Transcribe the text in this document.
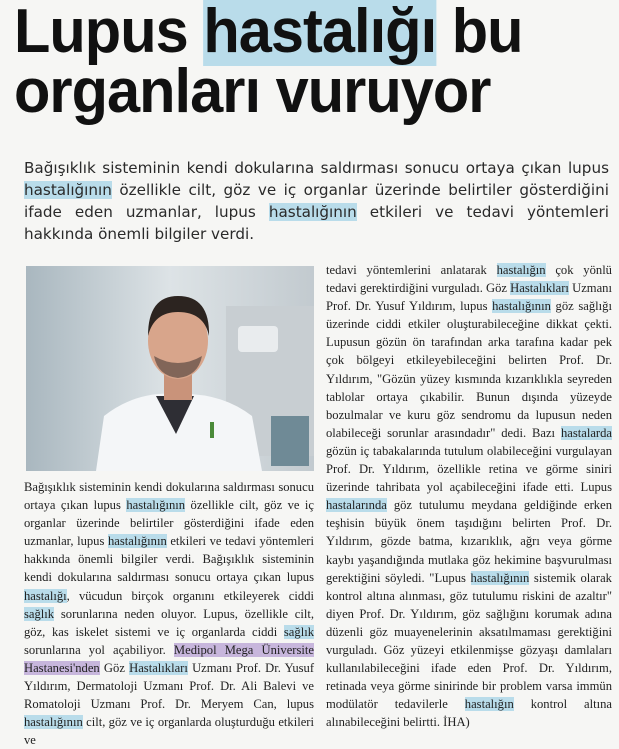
Lupus hastalığı bu organları vuruyor

Bağışıklık sisteminin kendi dokularına saldırması sonucu ortaya çıkan lupus hastalığının özellikle cilt, göz ve iç organlar üzerinde belirtiler gösterdiğini ifade eden uzmanlar, lupus hastalığının etkileri ve tedavi yöntemleri hakkında önemli bilgiler verdi.

Bağışıklık sisteminin kendi dokularına saldırması sonucu ortaya çıkan lupus hastalığının özellikle cilt, göz ve iç organlar üzerinde belirtiler gösterdiğini ifade eden uzmanlar, lupus hastalığının etkileri ve tedavi yöntemleri hakkında önemli bilgiler verdi. Bağışıklık sisteminin kendi dokularına saldırması sonucu ortaya çıkan lupus hastalığı, vücudun birçok organını etkileyerek ciddi sağlık sorunlarına neden oluyor. Lupus, özellikle cilt, göz, kas iskelet sistemi ve iç organlarda ciddi sağlık sorunlarına yol açabiliyor. Medipol Mega Üniversite Hastanesi'nden Göz Hastalıkları Uzmanı Prof. Dr. Yusuf Yıldırım, Dermatoloji Uzmanı Prof. Dr. Ali Balevi ve Romatoloji Uzmanı Prof. Dr. Meryem Can, lupus hastalığının cilt, göz ve iç organlarda oluşturduğu etkileri ve

tedavi yöntemlerini anlatarak hastalığın çok yönlü tedavi gerektirdiğini vurguladı. Göz Hastalıkları Uzmanı Prof. Dr. Yusuf Yıldırım, lupus hastalığının göz sağlığı üzerinde ciddi etkiler oluşturabileceğine dikkat çekti. Lupusun gözün ön tarafından arka tarafına kadar pek çok bölgeyi etkileyebileceğini belirten Prof. Dr. Yıldırım, "Gözün yüzey kısmında kızarıklıkla seyreden tablolar ortaya çıkabilir. Bunun dışında yüzeyde bozulmalar ve kuru göz sendromu da lupusun neden olabileceği sorunlar arasındadır" dedi. Bazı hastalarda gözün iç tabakalarında tutulum olabileceğini vurgulayan Prof. Dr. Yıldırım, özellikle retina ve görme siniri üzerinde tahribata yol açabileceğini ifade etti. Lupus hastalarında göz tutulumu meydana geldiğinde erken teşhisin büyük önem taşıdığını belirten Prof. Dr. Yıldırım, gözde batma, kızarıklık, ağrı veya görme kaybı yaşandığında mutlaka göz hekimine başvurulması gerektiğini söyledi. "Lupus hastalığının sistemik olarak kontrol altına alınması, göz tutulumu riskini de azaltır" diyen Prof. Dr. Yıldırım, göz sağlığını korumak adına düzenli göz muayenelerinin aksatılmaması gerektiğini vurguladı. Göz yüzeyi etkilenmişse gözyaşı damlaları kullanılabileceğini ifade eden Prof. Dr. Yıldırım, retinada veya görme sinirinde bir problem varsa immün modülatör tedavilerle hastalığın kontrol altına alınabileceğini belirtti. İHA)
